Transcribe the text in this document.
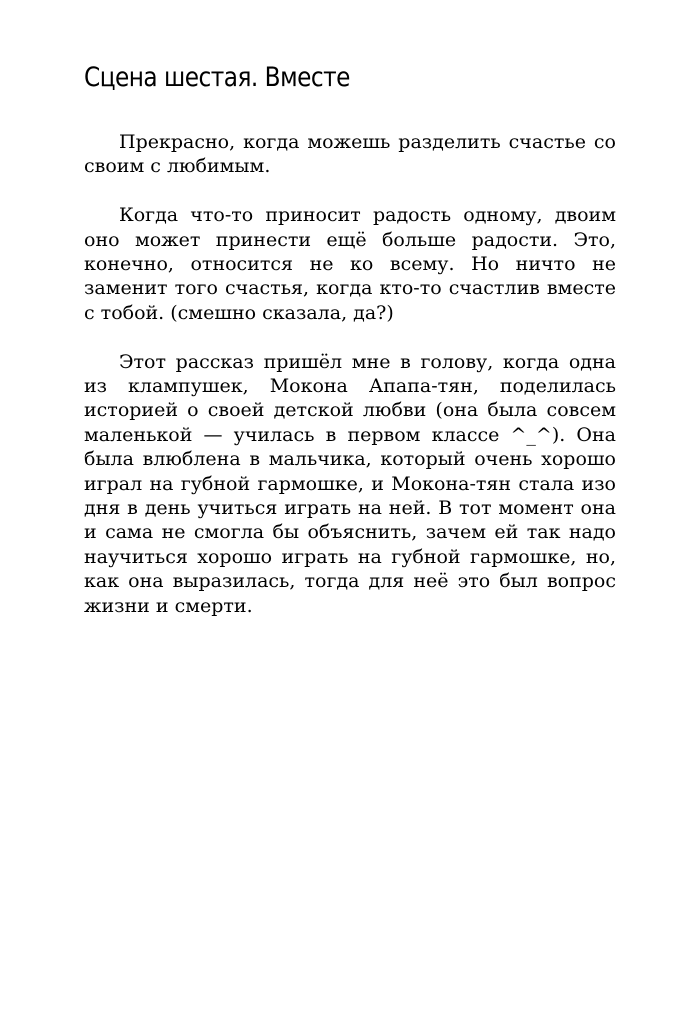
Сцена шестая. Вместе

Прекрасно, когда можешь разделить счастье со своим с любимым.

Когда что-то приносит радость одному, двоим оно может принести ещё больше радости. Это, конечно, относится не ко всему. Но ничто не заменит того счастья, когда кто-то счастлив вместе с тобой. (смешно сказала, да?)

Этот рассказ пришёл мне в голову, когда одна из клампушек, Мокона Апапа-тян, поделилась историей о своей детской любви (она была совсем маленькой — училась в первом классе ^_^). Она была влюблена в мальчика, который очень хорошо играл на губной гармошке, и Мокона-тян стала изо дня в день учиться играть на ней. В тот момент она и сама не смогла бы объяснить, зачем ей так надо научиться хорошо играть на губной гармошке, но, как она выразилась, тогда для неё это был вопрос жизни и смерти.
